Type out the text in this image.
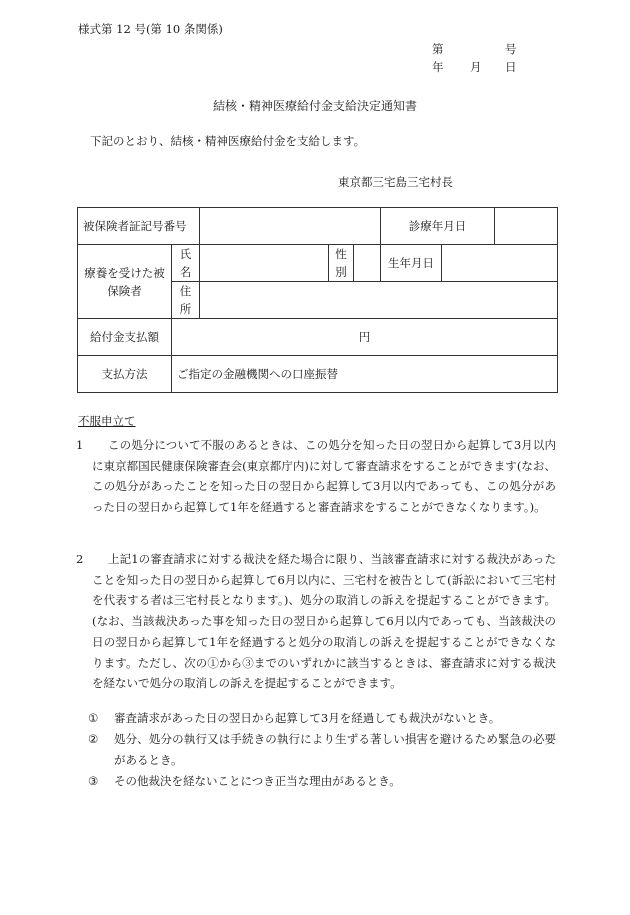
様式第 12 号(第 10 条関係)
第	号
年 月 日
結核・精神医療給付金支給決定通知書
下記のとおり、結核・精神医療給付金を支給します。
東京都三宅島三宅村長
被保険者証記号番号					診療年月日		
療養を受けた被保険者	氏名		性別		生年月日		
	住所						
給付金支払額	円						
支払方法	ご指定の金融機関への口座振替						
不服申立て
1	この処分について不服のあるときは、この処分を知った日の翌日から起算して3月以内に東京都国民健康保険審査会(東京都庁内)に対して審査請求をすることができます(なお、この処分があったことを知った日の翌日から起算して3月以内であっても、この処分があった日の翌日から起算して1年を経過すると審査請求をすることができなくなります。)。
2	上記1の審査請求に対する裁決を経た場合に限り、当該審査請求に対する裁決があったことを知った日の翌日から起算して6月以内に、三宅村を被告として(訴訟において三宅村を代表する者は三宅村長となります。)、処分の取消しの訴えを提起することができます。(なお、当該裁決あった事を知った日の翌日から起算して6月以内であっても、当該裁決の日の翌日から起算して1年を経過すると処分の取消しの訴えを提起することができなくなります。ただし、次の①から③までのいずれかに該当するときは、審査請求に対する裁決を経ないで処分の取消しの訴えを提起することができます。
① 審査請求があった日の翌日から起算して3月を経過しても裁決がないとき。
② 処分、処分の執行又は手続きの執行により生ずる著しい損害を避けるため緊急の必要があるとき。
③ その他裁決を経ないことにつき正当な理由があるとき。
